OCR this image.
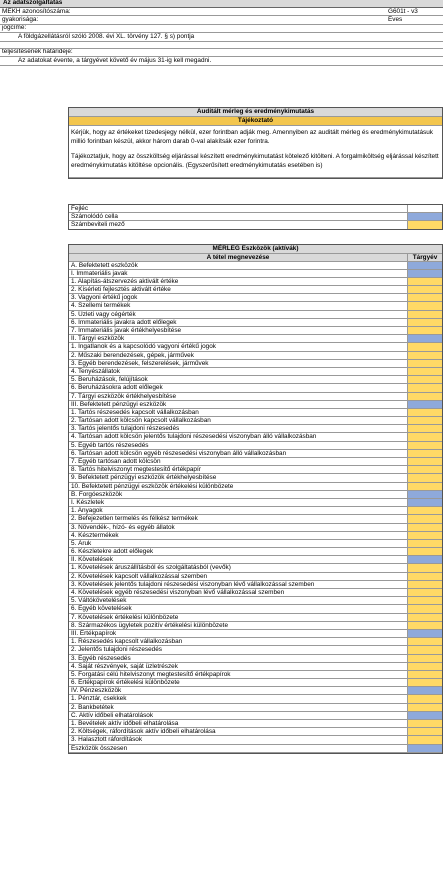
Az adatszolgáltatás
MEKH azonosítószáma:	G601t - v3
gyakorisága:	Éves
jogcíme:
A földgázellátásról szóló 2008. évi XL. törvény 127. § s) pontja
teljesítésének határideje:
Az adatokat évente, a tárgyévet követő év május 31-ig kell megadni.
Auditált mérleg és eredménykimutatás
Tájékoztató

Kérjük, hogy az értékeket tizedesjegy nélkül, ezer forintban adják meg. Amennyiben az auditált mérleg és eredménykimutatásuk millió forintban készül, akkor három darab 0-val alakítsák ezer forintra.

Tájékoztatjuk, hogy az összköltség eljárással készített eredménykimutatást kötelező kitölteni. A forgalmiköltség eljárással készített eredménykimutatás kitöltése opcionális. (Egyszerűsített eredménykimutatás esetében is)

Fejléc
Számolódó cella
Számbeviteli mező
MÉRLEG Eszközök (aktívák)
A tétel megnevezése	Tárgyév
A. Befektetett eszközök
I. Immateriális javak
1. Alapítás-átszervezés aktivált értéke
2. Kísérleti fejlesztés aktivált értéke
3. Vagyoni értékű jogok
4. Szellemi termékek
5. Üzleti vagy cégérték
6. Immateriális javakra adott előlegek
7. Immateriális javak értékhelyesbítése
II. Tárgyi eszközök
1. Ingatlanok és a kapcsolódó vagyoni értékű jogok
2. Műszaki berendezések, gépek, járművek
3. Egyéb berendezések, felszerelések, járművek
4. Tenyészállatok
5. Beruházások, felújítások
6. Beruházásokra adott előlegek
7. Tárgyi eszközök értékhelyesbítése
III. Befektetett pénzügyi eszközök
1. Tartós részesedés kapcsolt vállalkozásban
2. Tartósan adott kölcsön kapcsolt vállalkozásban
3. Tartós jelentős tulajdoni részesedés
4. Tartósan adott kölcsön jelentős tulajdoni részesedési viszonyban álló vállalkozásban
5. Egyéb tartós részesedés
6. Tartósan adott kölcsön egyéb részesedési viszonyban álló vállalkozásban
7. Egyéb tartósan adott kölcsön
8. Tartós hitelviszonyt megtestesítő értékpapír
9. Befektetett pénzügyi eszközök értékhelyesbítése
10. Befektetett pénzügyi eszközök értékelési különbözete
B. Forgóeszközök
I. Készletek
1. Anyagok
2. Befejezetlen termelés és félkész termékek
3. Növendék-, hízó- és egyéb állatok
4. Késztermékek
5. Áruk
6. Készletekre adott előlegek
II. Követelések
1. Követelések áruszállításból és szolgáltatásból (vevők)
2. Követelések kapcsolt vállalkozással szemben
3. Követelések jelentős tulajdoni részesedési viszonyban lévő vállalkozással szemben
4. Követelések egyéb részesedési viszonyban lévő vállalkozással szemben
5. Váltókövetelések
6. Egyéb követelések
7. Követelések értékelési különbözete
8. Származékos ügyletek pozitív értékelési különbözete
III. Értékpapírok
1. Részesedés kapcsolt vállalkozásban
2. Jelentős tulajdoni részesedés
3. Egyéb részesedés
4. Saját részvények, saját üzletrészek
5. Forgatási célú hitelviszonyt megtestesítő értékpapírok
6. Értékpapírok értékelési különbözete
IV. Pénzeszközök
1. Pénztár, csekkek
2. Bankbetétek
C. Aktív időbeli elhatárolások
1. Bevételek aktív időbeli elhatárolása
2. Költségek, ráfordítások aktív időbeli elhatárolása
3. Halasztott ráfordítások
Eszközök összesen
